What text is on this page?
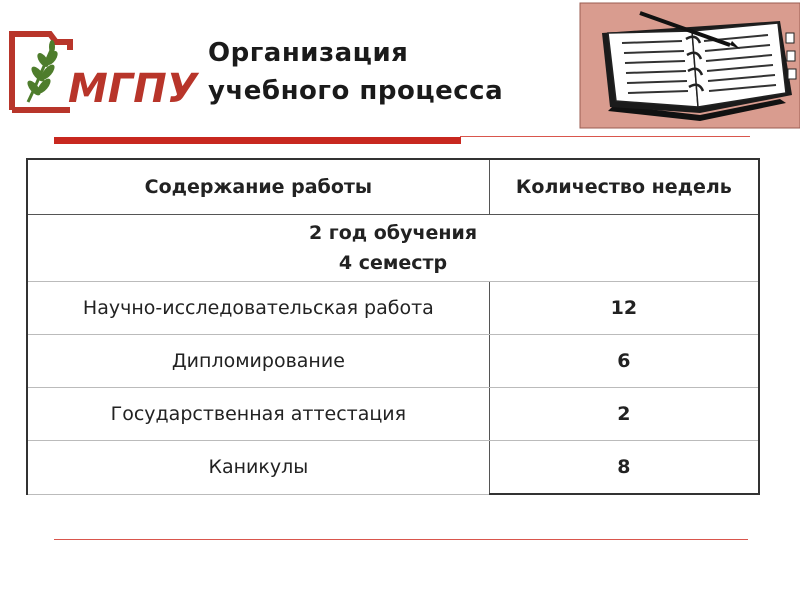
МГПУ
Организация
учебного процесса
Содержание работы	Количество недель

2 год обучения
4 семестр	

Научно-исследовательская работа	12
Дипломирование	6
Государственная аттестация	2
Каникулы	8
